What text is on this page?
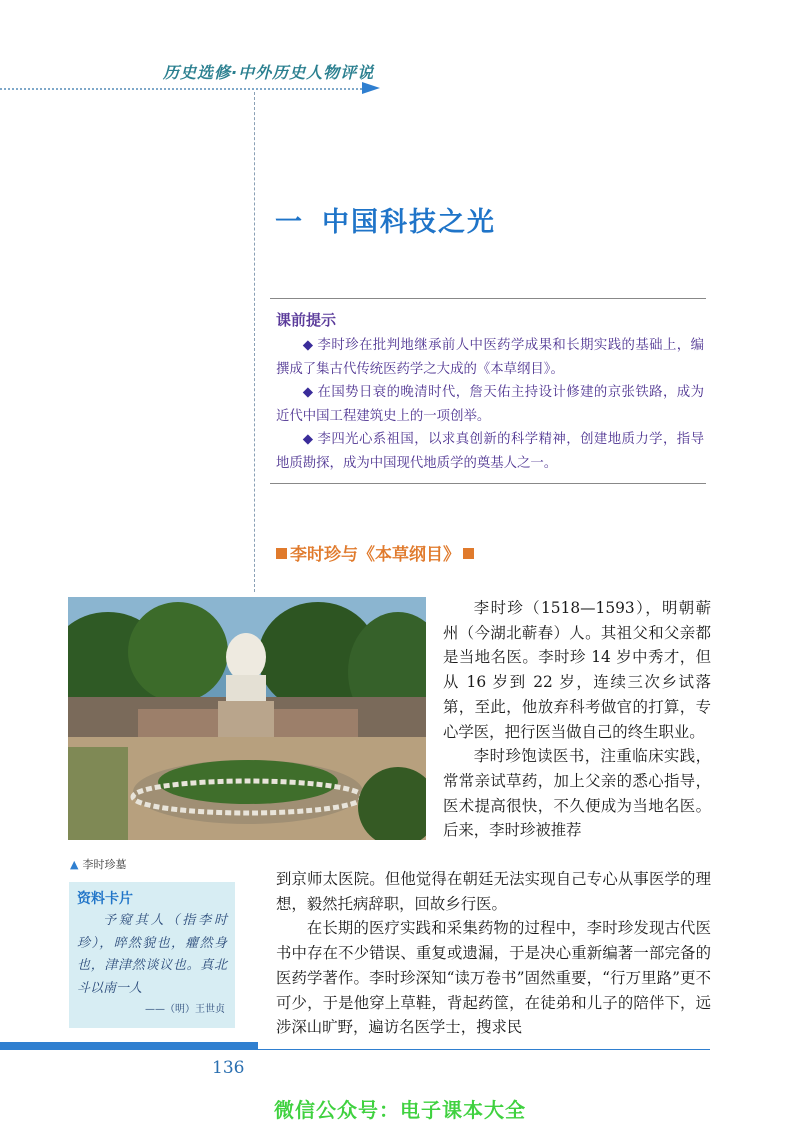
历史选修·中外历史人物评说
一 中国科技之光
课前提示
◆ 李时珍在批判地继承前人中医药学成果和长期实践的基础上，编撰成了集古代传统医药学之大成的《本草纲目》。
◆ 在国势日衰的晚清时代，詹天佑主持设计修建的京张铁路，成为近代中国工程建筑史上的一项创举。
◆ 李四光心系祖国，以求真创新的科学精神，创建地质力学，指导地质勘探，成为中国现代地质学的奠基人之一。
李时珍与《本草纲目》
▲ 李时珍墓
资料卡片
予窥其人（指李时珍），晬然貌也，癯然身也，津津然谈议也。真北斗以南一人
——（明）王世贞

李时珍（1518—1593），明朝蕲州（今湖北蕲春）人。其祖父和父亲都是当地名医。李时珍 14 岁中秀才，但从 16 岁到 22 岁，连续三次乡试落第，至此，他放弃科考做官的打算，专心学医，把行医当做自己的终生职业。

李时珍饱读医书，注重临床实践，常常亲试草药，加上父亲的悉心指导，医术提高很快，不久便成为当地名医。后来，李时珍被推荐

到京师太医院。但他觉得在朝廷无法实现自己专心从事医学的理想，毅然托病辞职，回故乡行医。

在长期的医疗实践和采集药物的过程中，李时珍发现古代医书中存在不少错误、重复或遗漏，于是决心重新编著一部完备的医药学著作。李时珍深知“读万卷书”固然重要，“行万里路”更不可少，于是他穿上草鞋，背起药筐，在徒弟和儿子的陪伴下，远涉深山旷野，遍访名医学士，搜求民

136
微信公众号：电子课本大全
